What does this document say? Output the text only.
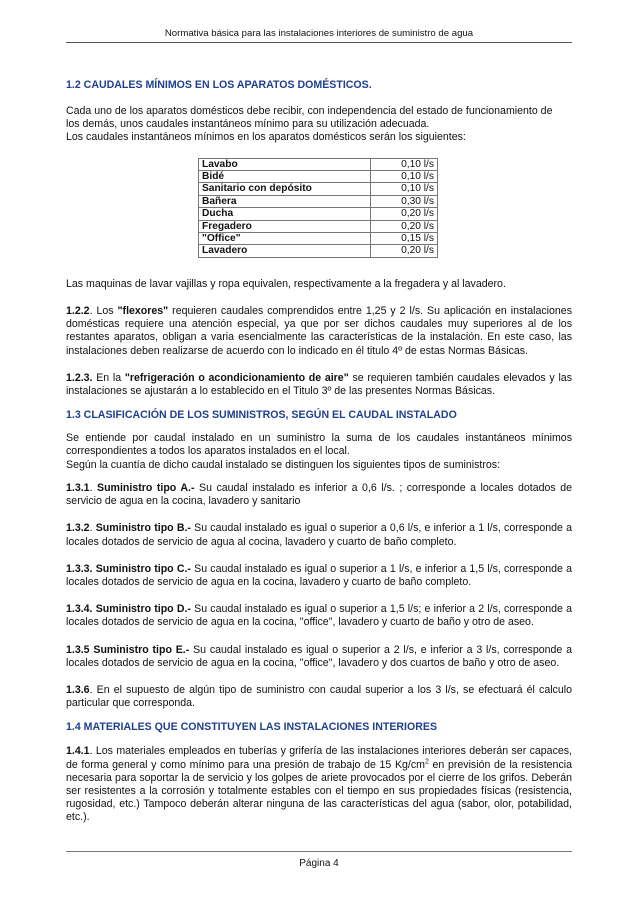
Normativa básica para las instalaciones interiores de suministro de agua
1.2 CAUDALES MÍNIMOS EN LOS APARATOS DOMÉSTICOS.

Cada uno de los aparatos domésticos debe recibir, con independencia del estado de funcionamiento de
los demás, unos caudales instantáneos mínimo para su utilización adecuada.
Los caudales instantáneos mínimos en los aparatos domésticos serán los siguientes:

Lavabo	0,10 l/s
Bidé	0,10 l/s
Sanitario con depósito	0,10 l/s
Bañera	0,30 l/s
Ducha	0,20 l/s
Fregadero	0,20 l/s
"Office"	0,15 l/s
Lavadero	0,20 l/s

Las maquinas de lavar vajillas y ropa equivalen, respectivamente a la fregadera y al lavadero.

1.2.2. Los "flexores" requieren caudales comprendidos entre 1,25 y 2 l/s. Su aplicación en instalaciones domésticas requiere una atención especial, ya que por ser dichos caudales muy superiores al de los restantes aparatos, obligan a varia esencialmente las características de la instalación. En este caso, las instalaciones deben realizarse de acuerdo con lo indicado en él titulo 4º de estas Normas Básicas.

1.2.3. En la "refrigeración o acondicionamiento de aire" se requieren también caudales elevados y las instalaciones se ajustarán a lo establecido en el Titulo 3º de las presentes Normas Básicas.

1.3 CLASIFICACIÓN DE LOS SUMINISTROS, SEGÚN EL CAUDAL INSTALADO

Se entiende por caudal instalado en un suministro la suma de los caudales instantáneos mínimos correspondientes a todos los aparatos instalados en el local.
Según la cuantía de dicho caudal instalado se distinguen los siguientes tipos de suministros:

1.3.1. Suministro tipo A.- Su caudal instalado es inferior a 0,6 l/s. ; corresponde a locales dotados de servicio de agua en la cocina, lavadero y sanitario

1.3.2. Suministro tipo B.- Su caudal instalado es igual o superior a 0,6 l/s, e inferior a 1 l/s, corresponde a locales dotados de servicio de agua al cocina, lavadero y cuarto de baño completo.

1.3.3. Suministro tipo C.- Su caudal instalado es igual o superior a 1 l/s, e inferior a 1,5 l/s, corresponde a locales dotados de servicio de agua en la cocina, lavadero y cuarto de baño completo.

1.3.4. Suministro tipo D.- Su caudal instalado es igual o superior a 1,5 l/s; e inferior a 2 l/s, corresponde a locales dotados de servicio de agua en la cocina, "office", lavadero y cuarto de baño y otro de aseo.

1.3.5 Suministro tipo E.- Su caudal instalado es igual o superior a 2 l/s, e inferior a 3 l/s, corresponde a locales dotados de servicio de agua en la cocina, "office", lavadero y dos cuartos de baño y otro de aseo.

1.3.6. En el supuesto de algún tipo de suministro con caudal superior a los 3 l/s, se efectuará él calculo particular que corresponda.

1.4 MATERIALES QUE CONSTITUYEN LAS INSTALACIONES INTERIORES

1.4.1. Los materiales empleados en tuberías y grifería de las instalaciones interiores deberán ser capaces, de forma general y como mínimo para una presión de trabajo de 15 $Kg/cm^2$ en previsión de la resistencia necesaria para soportar la de servicio y los golpes de ariete provocados por el cierre de los grifos. Deberán ser resistentes a la corrosión y totalmente estables con el tiempo en sus propiedades físicas (resistencia, rugosidad, etc.) Tampoco deberán alterar ninguna de las características del agua (sabor, olor, potabilidad, etc.).

Página 4
